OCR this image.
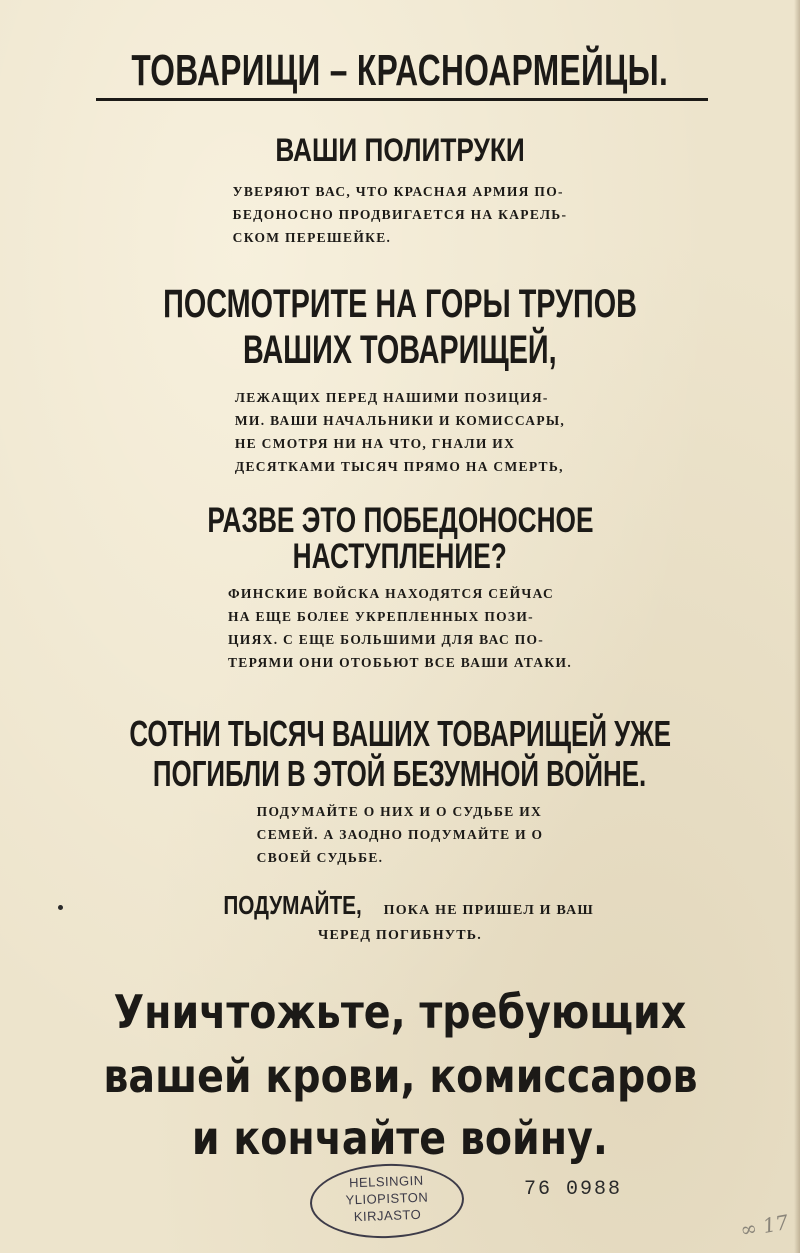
ТОВАРИЩИ – КРАСНОАРМЕЙЦЫ.
ВАШИ ПОЛИТРУКИ
УВЕРЯЮТ ВАС, ЧТО КРАСНАЯ АРМИЯ ПО-
БЕДОНОСНО ПРОДВИГАЕТСЯ НА КАРЕЛЬ-
СКОМ ПЕРЕШЕЙКЕ.
ПОСМОТРИТЕ НА ГОРЫ ТРУПОВ
ВАШИХ ТОВАРИЩЕЙ,
ЛЕЖАЩИХ ПЕРЕД НАШИМИ ПОЗИЦИЯ-
МИ. ВАШИ НАЧАЛЬНИКИ И КОМИССАРЫ,
НЕ СМОТРЯ НИ НА ЧТО, ГНАЛИ ИХ
ДЕСЯТКАМИ ТЫСЯЧ ПРЯМО НА СМЕРТЬ,
РАЗВЕ ЭТО ПОБЕДОНОСНОЕ
НАСТУПЛЕНИЕ?
ФИНСКИЕ ВОЙСКА НАХОДЯТСЯ СЕЙЧАС
НА ЕЩЕ БОЛЕЕ УКРЕПЛЕННЫХ ПОЗИ-
ЦИЯХ. С ЕЩЕ БОЛЬШИМИ ДЛЯ ВАС ПО-
ТЕРЯМИ ОНИ ОТОБЬЮТ ВСЕ ВАШИ АТАКИ.
СОТНИ ТЫСЯЧ ВАШИХ ТОВАРИЩЕЙ УЖЕ
ПОГИБЛИ В ЭТОЙ БЕЗУМНОЙ ВОЙНЕ.
ПОДУМАЙТЕ О НИХ И О СУДЬБЕ ИХ
СЕМЕЙ. А ЗАОДНО ПОДУМАЙТЕ И О
СВОЕЙ СУДЬБЕ.
ПОДУМАЙТЕ, ПОКА НЕ ПРИШЕЛ И ВАШ
ЧЕРЕД ПОГИБНУТЬ.
Уничтожьте, требующих
вашей крови, комиссаров
и кончайте войну.
HELSINGIN
YLIOPISTON
KIRJASTO
76 0988
∞ 17
